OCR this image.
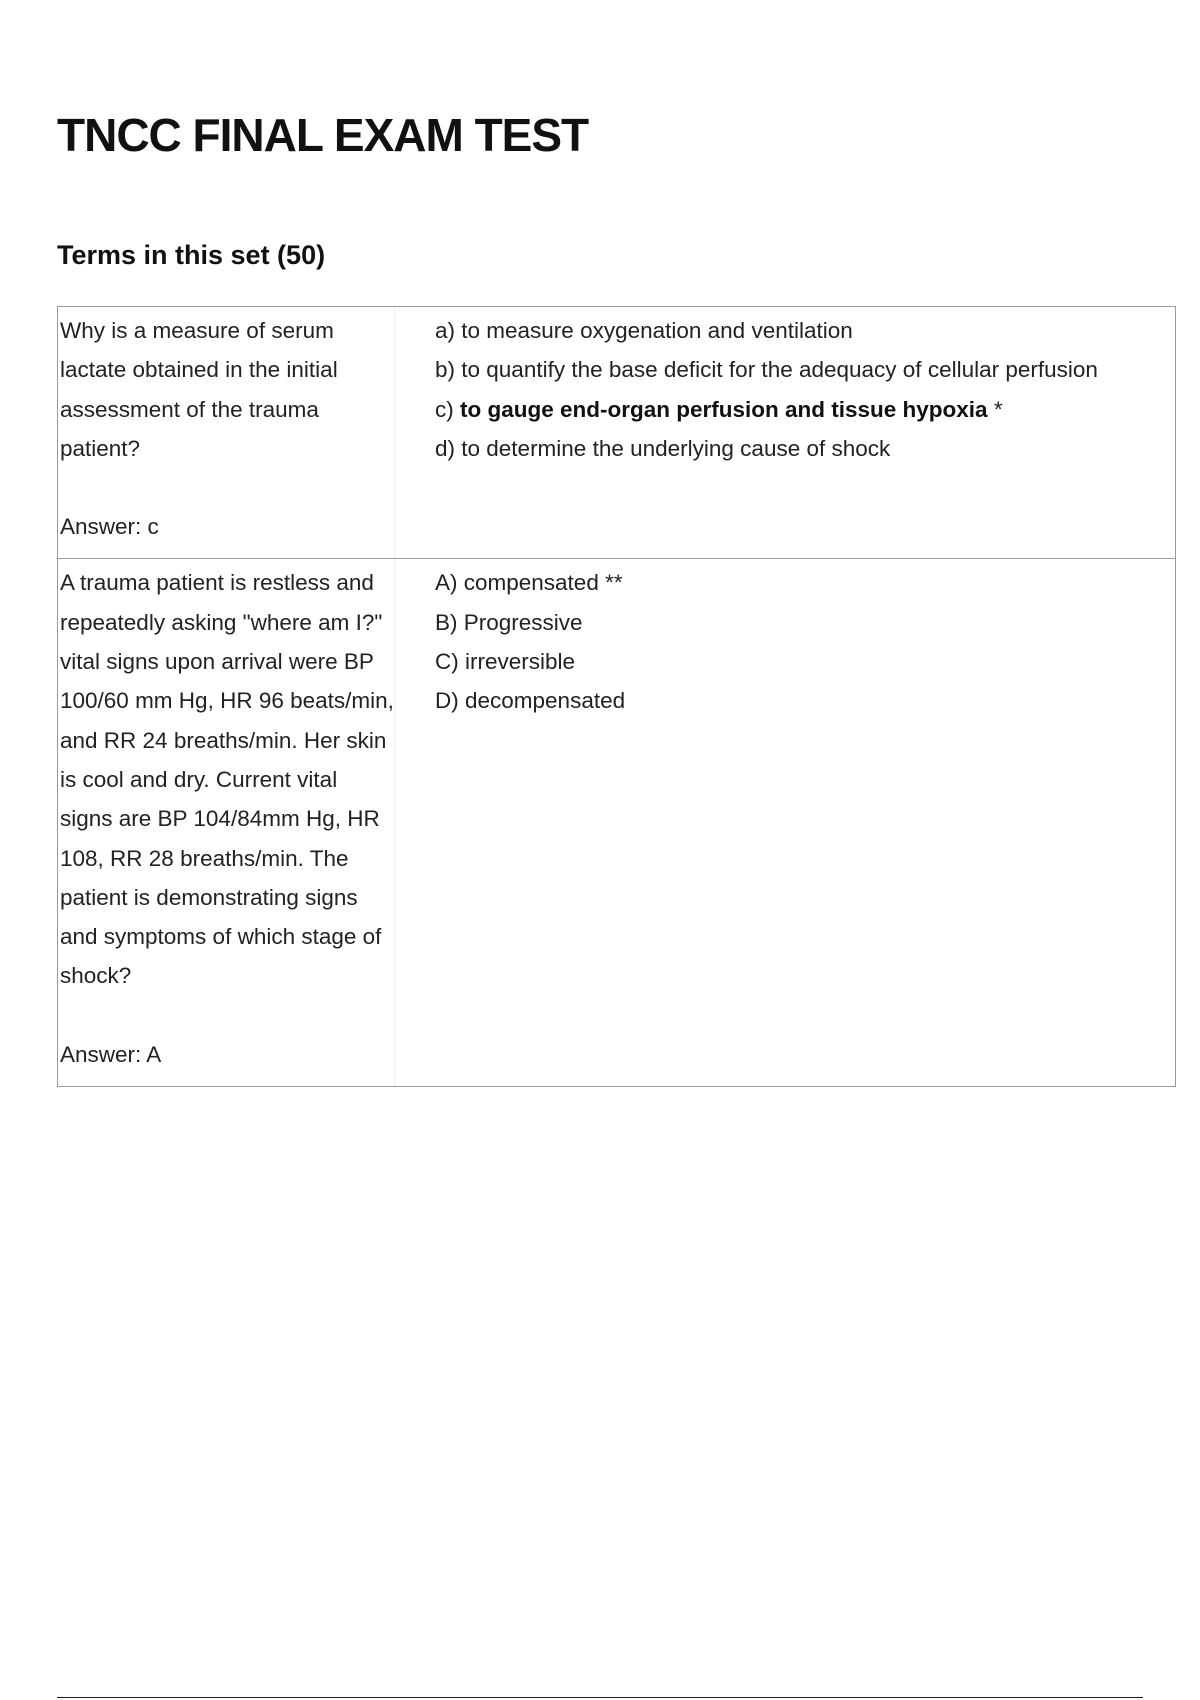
TNCC FINAL EXAM TEST
Terms in this set (50)

Why is a measure of serum lactate obtained in the initial assessment of the trauma patient?

Answer: c

a) to measure oxygenation and ventilation
b) to quantify the base deficit for the adequacy of cellular perfusion
c) to gauge end-organ perfusion and tissue hypoxia *
d) to determine the underlying cause of shock

A trauma patient is restless and repeatedly asking "where am I?" vital signs upon arrival were BP 100/60 mm Hg, HR 96 beats/min, and RR 24 breaths/min. Her skin is cool and dry. Current vital signs are BP 104/84mm Hg, HR 108, RR 28 breaths/min. The patient is demonstrating signs and symptoms of which stage of shock?

Answer: A

A) compensated **
B) Progressive
C) irreversible
D) decompensated
